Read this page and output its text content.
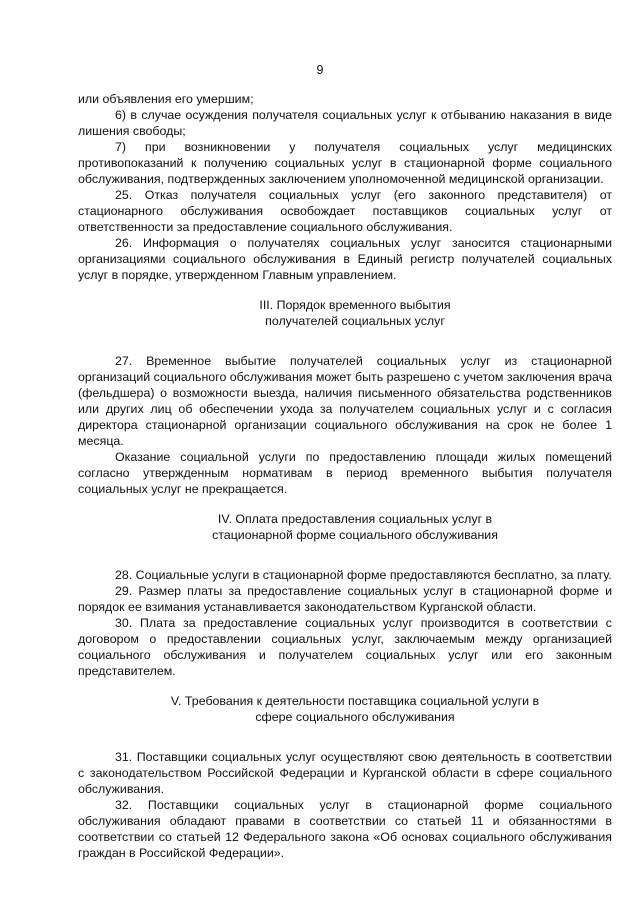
9

или объявления его умершим;

6) в случае осуждения получателя социальных услуг к отбыванию наказания в виде лишения свободы;

7) при возникновении у получателя социальных услуг медицинских противопоказаний к получению социальных услуг в стационарной форме социального обслуживания, подтвержденных заключением уполномоченной медицинской организации.

25. Отказ получателя социальных услуг (его законного представителя) от стационарного обслуживания освобождает поставщиков социальных услуг от ответственности за предоставление социального обслуживания.

26. Информация о получателях социальных услуг заносится стационарными организациями социального обслуживания в Единый регистр получателей социальных услуг в порядке, утвержденном Главным управлением.

III. Порядок временного выбытия
получателей социальных услуг

27. Временное выбытие получателей социальных услуг из стационарной организаций социального обслуживания может быть разрешено с учетом заключения врача (фельдшера) о возможности выезда, наличия письменного обязательства родственников или других лиц об обеспечении ухода за получателем социальных услуг и с согласия директора стационарной организации социального обслуживания на срок не более 1 месяца.

Оказание социальной услуги по предоставлению площади жилых помещений согласно утвержденным нормативам в период временного выбытия получателя социальных услуг не прекращается.

IV. Оплата предоставления социальных услуг в
стационарной форме социального обслуживания

28. Социальные услуги в стационарной форме предоставляются бесплатно, за плату.

29. Размер платы за предоставление социальных услуг в стационарной форме и порядок ее взимания устанавливается законодательством Курганской области.

30. Плата за предоставление социальных услуг производится в соответствии с договором о предоставлении социальных услуг, заключаемым между организацией социального обслуживания и получателем социальных услуг или его законным представителем.

V. Требования к деятельности поставщика социальной услуги в
сфере социального обслуживания

31. Поставщики социальных услуг осуществляют свою деятельность в соответствии с законодательством Российской Федерации и Курганской области в сфере социального обслуживания.

32. Поставщики социальных услуг в стационарной форме социального обслуживания обладают правами в соответствии со статьей 11 и обязанностями в соответствии со статьей 12 Федерального закона «Об основах социального обслуживания граждан в Российской Федерации».
